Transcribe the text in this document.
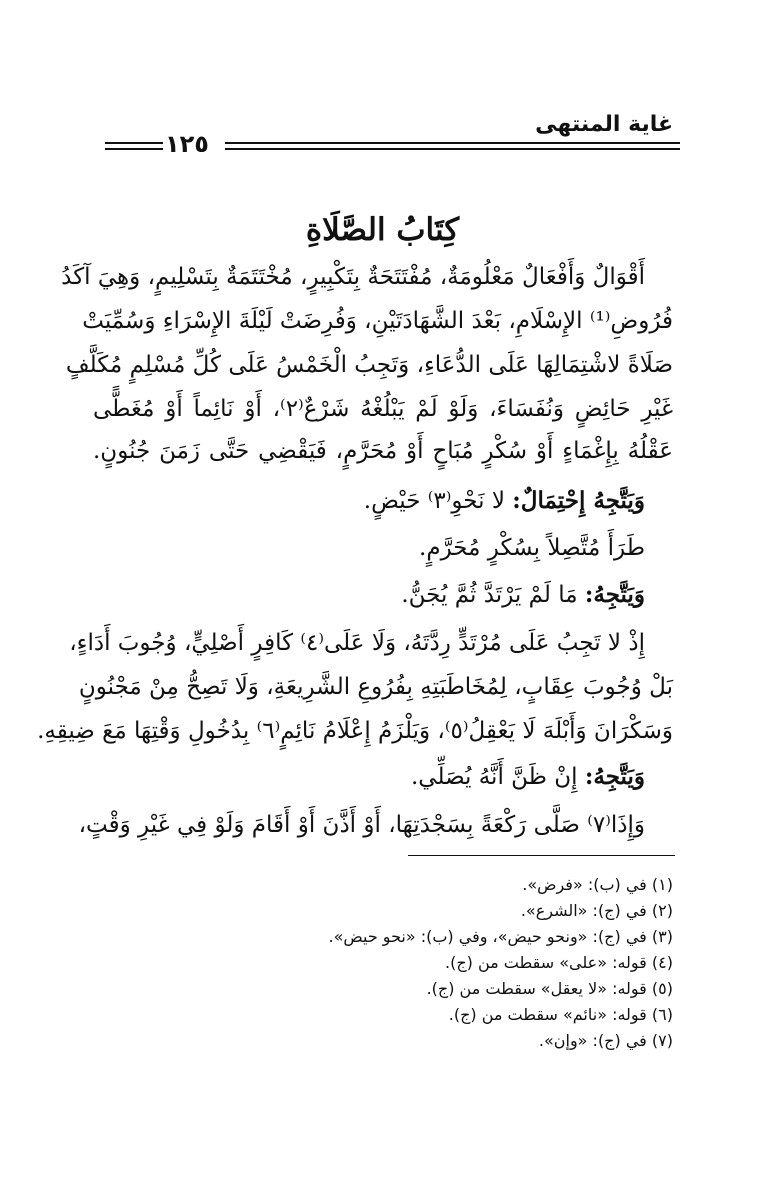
غاية المنتهى
١٢٥
كِتَابُ الصَّلَاةِ
أَقْوَالٌ وَأَفْعَالٌ مَعْلُومَةٌ، مُفْتَتَحَةٌ بِتَكْبِيرٍ، مُخْتَتَمَةٌ بِتَسْلِيمٍ، وَهِيَ آكَدُ
فُرُوضِ⁽¹⁾ الإِسْلَامِ، بَعْدَ الشَّهَادَتَيْنِ، وَفُرِضَتْ لَيْلَةَ الإِسْرَاءِ وَسُمِّيَتْ
صَلَاةً لاشْتِمَالِهَا عَلَى الدُّعَاءِ، وَتَجِبُ الْخَمْسُ عَلَى كُلِّ مُسْلِمٍ مُكَلَّفٍ
غَيْرِ حَائِضٍ وَنُفَسَاءَ، وَلَوْ لَمْ يَبْلُغْهُ شَرْعٌ⁽٢⁾، أَوْ نَائِماً أَوْ مُغَطًّى
عَقْلُهُ بِإِغْمَاءٍ أَوْ سُكْرٍ مُبَاحٍ أَوْ مُحَرَّمٍ، فَيَقْضِي حَتَّى زَمَنَ جُنُونٍ.
وَيَتَّجِهُ إِحْتِمَالٌ: لا نَحْوِ⁽٣⁾ حَيْضٍ.
طَرَأَ مُتَّصِلاً بِسُكْرٍ مُحَرَّمٍ.
وَيَتَّجِهُ: مَا لَمْ يَرْتَدَّ ثُمَّ يُجَنُّ.
إِذْ لا تَجِبُ عَلَى مُرْتَدٍّ رِدَّتَهُ، وَلَا عَلَى⁽٤⁾ كَافِرٍ أَصْلِيٍّ، وُجُوبَ أَدَاءٍ،
بَلْ وُجُوبَ عِقَابٍ، لِمُخَاطَبَتِهِ بِفُرُوعِ الشَّرِيعَةِ، وَلَا تَصِحُّ مِنْ مَجْنُونٍ
وَسَكْرَانَ وَأَبْلَهَ لَا يَعْقِلُ⁽٥⁾، وَيَلْزَمُ إِعْلَامُ نَائِمٍ⁽٦⁾ بِدُخُولِ وَقْتِهَا مَعَ ضِيقِهِ.
وَيَتَّجِهُ: إِنْ ظَنَّ أَنَّهُ يُصَلِّي.
وَإِذَا⁽٧⁾ صَلَّى رَكْعَةً بِسَجْدَتِهَا، أَوْ أَذَّنَ أَوْ أَقَامَ وَلَوْ فِي غَيْرِ وَقْتٍ،
(١) في (ب): «فرض».
(٢) في (ج): «الشرع».
(٣) في (ج): «ونحو حيض»، وفي (ب): «نحو حيض».
(٤) قوله: «على» سقطت من (ج).
(٥) قوله: «لا يعقل» سقطت من (ج).
(٦) قوله: «نائم» سقطت من (ج).
(٧) في (ج): «وإن».
